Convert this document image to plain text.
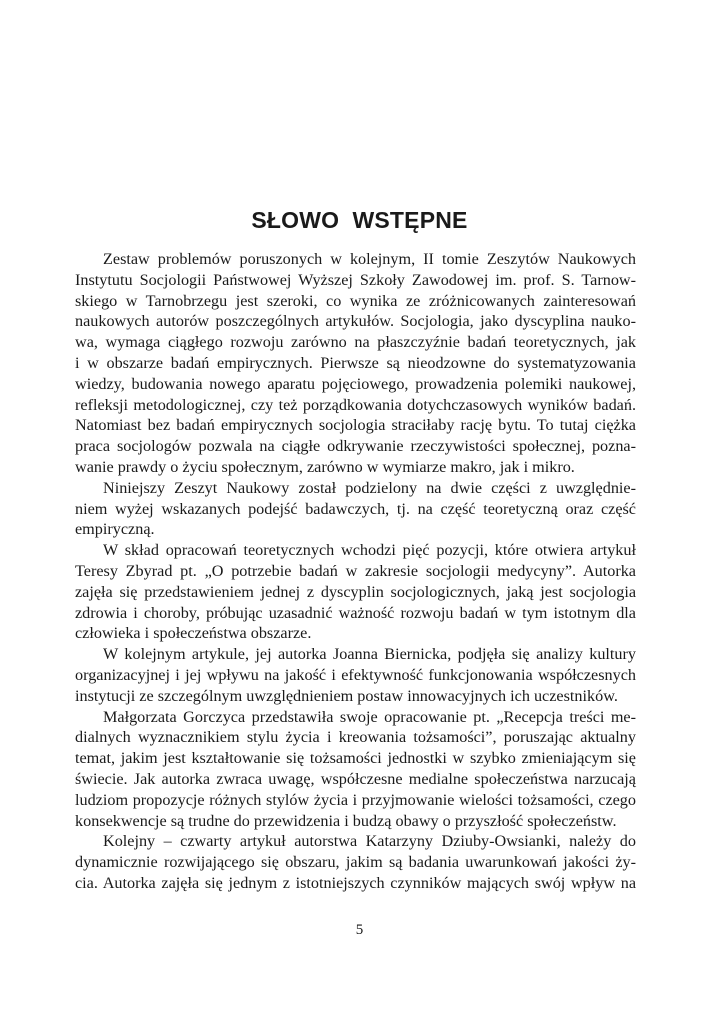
SŁOWO  WSTĘPNE
Zestaw problemów poruszonych w kolejnym, II tomie Zeszytów Naukowych
Instytutu Socjologii Państwowej Wyższej Szkoły Zawodowej im. prof. S. Tarnow-
skiego w Tarnobrzegu jest szeroki, co wynika ze zróżnicowanych zainteresowań
naukowych autorów poszczególnych artykułów. Socjologia, jako dyscyplina nauko-
wa, wymaga ciągłego rozwoju zarówno na płaszczyźnie badań teoretycznych, jak
i w obszarze badań empirycznych. Pierwsze są nieodzowne do systematyzowania
wiedzy, budowania nowego aparatu pojęciowego, prowadzenia polemiki naukowej,
refleksji metodologicznej, czy też porządkowania dotychczasowych wyników badań.
Natomiast bez badań empirycznych socjologia straciłaby rację bytu. To tutaj ciężka
praca socjologów pozwala na ciągłe odkrywanie rzeczywistości społecznej, pozna-
wanie prawdy o życiu społecznym, zarówno w wymiarze makro, jak i mikro.
Niniejszy Zeszyt Naukowy został podzielony na dwie części z uwzględnie-
niem wyżej wskazanych podejść badawczych, tj. na część teoretyczną oraz część
empiryczną.
W skład opracowań teoretycznych wchodzi pięć pozycji, które otwiera artykuł
Teresy Zbyrad pt. „O potrzebie badań w zakresie socjologii medycyny”. Autorka
zajęła się przedstawieniem jednej z dyscyplin socjologicznych, jaką jest socjologia
zdrowia i choroby, próbując uzasadnić ważność rozwoju badań w tym istotnym dla
człowieka i społeczeństwa obszarze.
W kolejnym artykule, jej autorka Joanna Biernicka, podjęła się analizy kultury
organizacyjnej i jej wpływu na jakość i efektywność funkcjonowania współczesnych
instytucji ze szczególnym uwzględnieniem postaw innowacyjnych ich uczestników.
Małgorzata Gorczyca przedstawiła swoje opracowanie pt. „Recepcja treści me-
dialnych wyznacznikiem stylu życia i kreowania tożsamości”, poruszając aktualny
temat, jakim jest kształtowanie się tożsamości jednostki w szybko zmieniającym się
świecie. Jak autorka zwraca uwagę, współczesne medialne społeczeństwa narzucają
ludziom propozycje różnych stylów życia i przyjmowanie wielości tożsamości, czego
konsekwencje są trudne do przewidzenia i budzą obawy o przyszłość społeczeństw.
Kolejny – czwarty artykuł autorstwa Katarzyny Dziuby-Owsianki, należy do
dynamicznie rozwijającego się obszaru, jakim są badania uwarunkowań jakości ży-
cia. Autorka zajęła się jednym z istotniejszych czynników mających swój wpływ na
5
